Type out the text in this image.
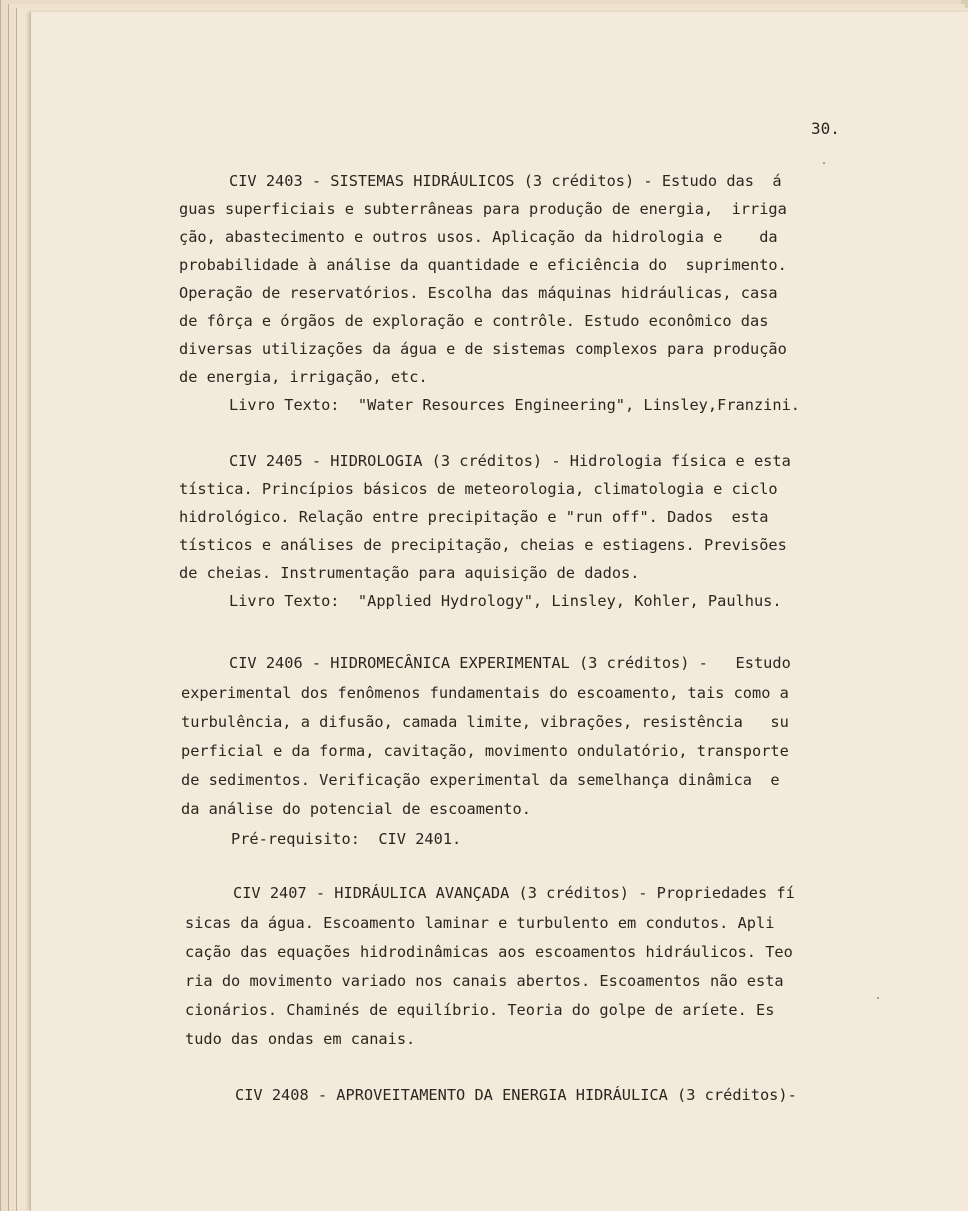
30.
CIV 2403 - SISTEMAS HIDRÁULICOS (3 créditos) - Estudo das  á
guas superficiais e subterrâneas para produção de energia,  irriga
ção, abastecimento e outros usos. Aplicação da hidrologia e    da
probabilidade à análise da quantidade e eficiência do  suprimento.
Operação de reservatórios. Escolha das máquinas hidráulicas, casa
de fôrça e órgãos de exploração e contrôle. Estudo econômico das
diversas utilizações da água e de sistemas complexos para produção
de energia, irrigação, etc.
Livro Texto:  "Water Resources Engineering", Linsley,Franzini.
CIV 2405 - HIDROLOGIA (3 créditos) - Hidrologia física e esta
tística. Princípios básicos de meteorologia, climatologia e ciclo
hidrológico. Relação entre precipitação e "run off". Dados  esta
tísticos e análises de precipitação, cheias e estiagens. Previsões
de cheias. Instrumentação para aquisição de dados.
Livro Texto:  "Applied Hydrology", Linsley, Kohler, Paulhus.
CIV 2406 - HIDROMECÂNICA EXPERIMENTAL (3 créditos) -   Estudo
experimental dos fenômenos fundamentais do escoamento, tais como a
turbulência, a difusão, camada limite, vibrações, resistência   su
perficial e da forma, cavitação, movimento ondulatório, transporte
de sedimentos. Verificação experimental da semelhança dinâmica  e
da análise do potencial de escoamento.
Pré-requisito:  CIV 2401.
CIV 2407 - HIDRÁULICA AVANÇADA (3 créditos) - Propriedades fí
sicas da água. Escoamento laminar e turbulento em condutos. Apli
cação das equações hidrodinâmicas aos escoamentos hidráulicos. Teo
ria do movimento variado nos canais abertos. Escoamentos não esta
cionários. Chaminés de equilíbrio. Teoria do golpe de aríete. Es
tudo das ondas em canais.
CIV 2408 - APROVEITAMENTO DA ENERGIA HIDRÁULICA (3 créditos)-
